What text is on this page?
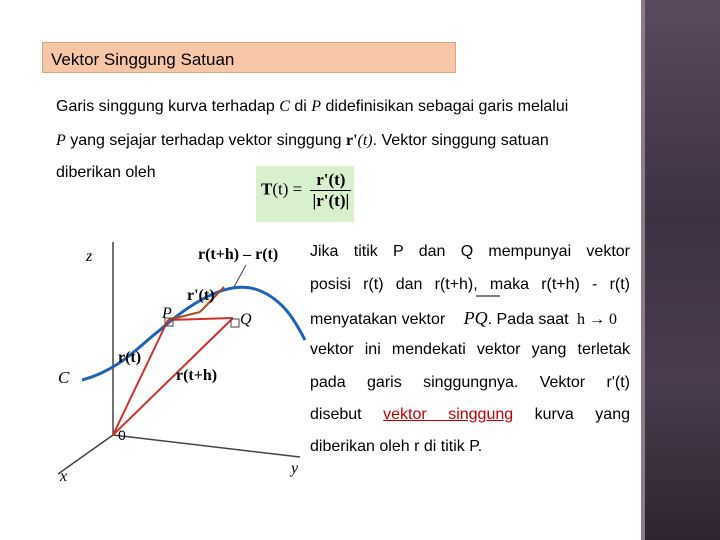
Vektor Singgung Satuan
Garis singgung kurva terhadap C di P didefinisikan sebagai garis melalui
P yang sejajar terhadap vektor singgung r'(t). Vektor singgung satuan
diberikan oleh
$T(t) = \frac{r'(t)}{|r'(t)|}$
z
x	y
0
C
P	Q
r(t)
r(t+h)
r'(t)
r(t+h) – r(t) Jika titik P dan Q mempunyai vektor
posisi r(t) dan r(t+h), maka r(t+h) - r(t)
menyatakan vektor PQ. Pada saat h → 0
vektor ini mendekati vektor yang terletak
pada garis singgungnya. Vektor r'(t)
disebut vektor singgung kurva yang
diberikan oleh r di titik P.
